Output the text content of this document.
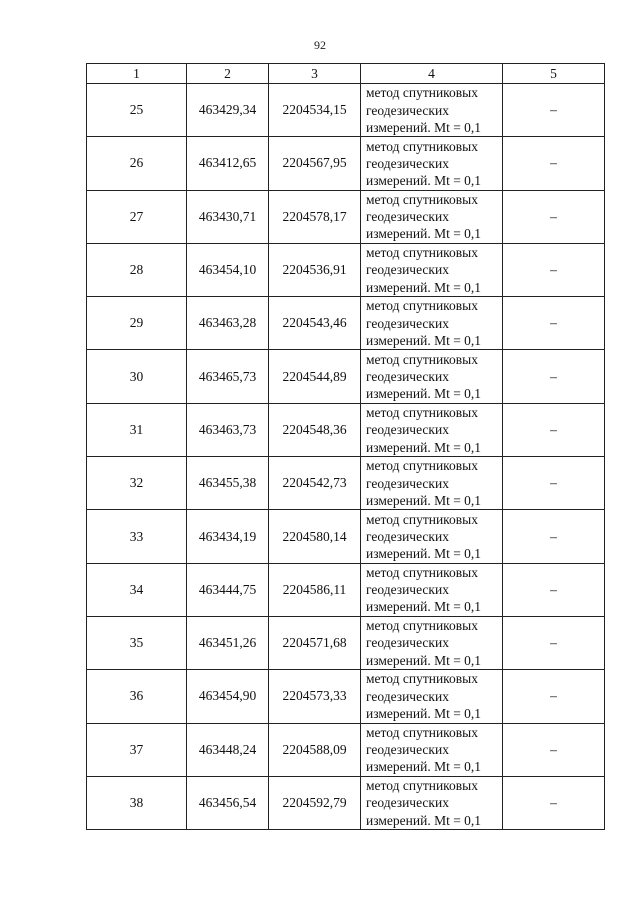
92
1	2	3	4	5
25	463429,34	2204534,15	метод спутниковых
геодезических
измерений. Mt = 0,1	–
26	463412,65	2204567,95	метод спутниковых
геодезических
измерений. Mt = 0,1	–
27	463430,71	2204578,17	метод спутниковых
геодезических
измерений. Mt = 0,1	–
28	463454,10	2204536,91	метод спутниковых
геодезических
измерений. Mt = 0,1	–
29	463463,28	2204543,46	метод спутниковых
геодезических
измерений. Mt = 0,1	–
30	463465,73	2204544,89	метод спутниковых
геодезических
измерений. Mt = 0,1	–
31	463463,73	2204548,36	метод спутниковых
геодезических
измерений. Mt = 0,1	–
32	463455,38	2204542,73	метод спутниковых
геодезических
измерений. Mt = 0,1	–
33	463434,19	2204580,14	метод спутниковых
геодезических
измерений. Mt = 0,1	–
34	463444,75	2204586,11	метод спутниковых
геодезических
измерений. Mt = 0,1	–
35	463451,26	2204571,68	метод спутниковых
геодезических
измерений. Mt = 0,1	–
36	463454,90	2204573,33	метод спутниковых
геодезических
измерений. Mt = 0,1	–
37	463448,24	2204588,09	метод спутниковых
геодезических
измерений. Mt = 0,1	–
38	463456,54	2204592,79	метод спутниковых
геодезических
измерений. Mt = 0,1	–
